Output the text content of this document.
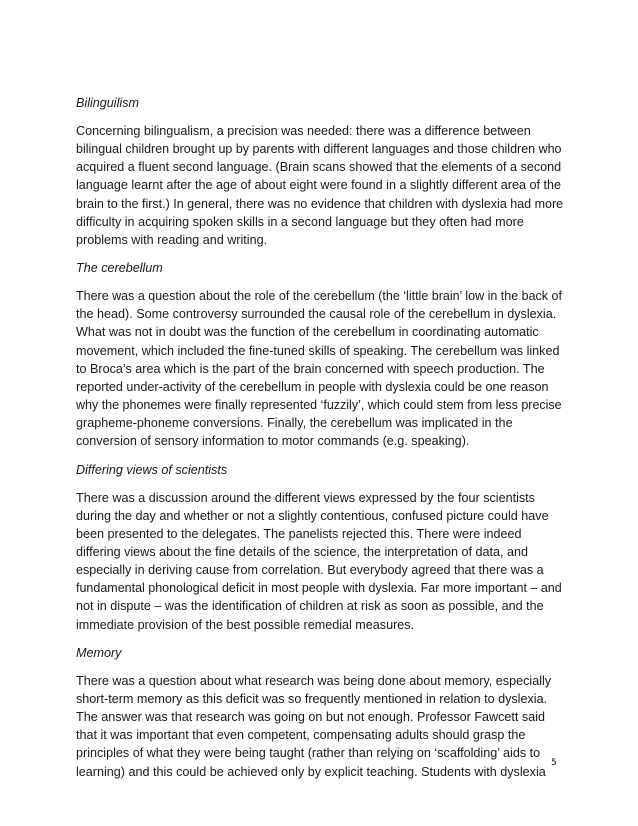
Bilinguilism
Concerning bilingualism, a precision was needed: there was a difference between
bilingual children brought up by parents with different languages and those children who
acquired a fluent second language. (Brain scans showed that the elements of a second
language learnt after the age of about eight were found in a slightly different area of the
brain to the first.) In general, there was no evidence that children with dyslexia had more
difficulty in acquiring spoken skills in a second language but they often had more
problems with reading and writing.
The cerebellum
There was a question about the role of the cerebellum (the ‘little brain’ low in the back of
the head). Some controversy surrounded the causal role of the cerebellum in dyslexia.
What was not in doubt was the function of the cerebellum in coordinating automatic
movement, which included the fine-tuned skills of speaking. The cerebellum was linked
to Broca’s area which is the part of the brain concerned with speech production. The
reported under-activity of the cerebellum in people with dyslexia could be one reason
why the phonemes were finally represented ‘fuzzily’, which could stem from less precise
grapheme-phoneme conversions. Finally, the cerebellum was implicated in the
conversion of sensory information to motor commands (e.g. speaking).
Differing views of scientists
There was a discussion around the different views expressed by the four scientists
during the day and whether or not a slightly contentious, confused picture could have
been presented to the delegates. The panelists rejected this. There were indeed
differing views about the fine details of the science, the interpretation of data, and
especially in deriving cause from correlation. But everybody agreed that there was a
fundamental phonological deficit in most people with dyslexia. Far more important – and
not in dispute – was the identification of children at risk as soon as possible, and the
immediate provision of the best possible remedial measures.
Memory
There was a question about what research was being done about memory, especially
short-term memory as this deficit was so frequently mentioned in relation to dyslexia.
The answer was that research was going on but not enough. Professor Fawcett said
that it was important that even competent, compensating adults should grasp the
principles of what they were being taught (rather than relying on ‘scaffolding’ aids to
learning) and this could be achieved only by explicit teaching. Students with dyslexia
5
